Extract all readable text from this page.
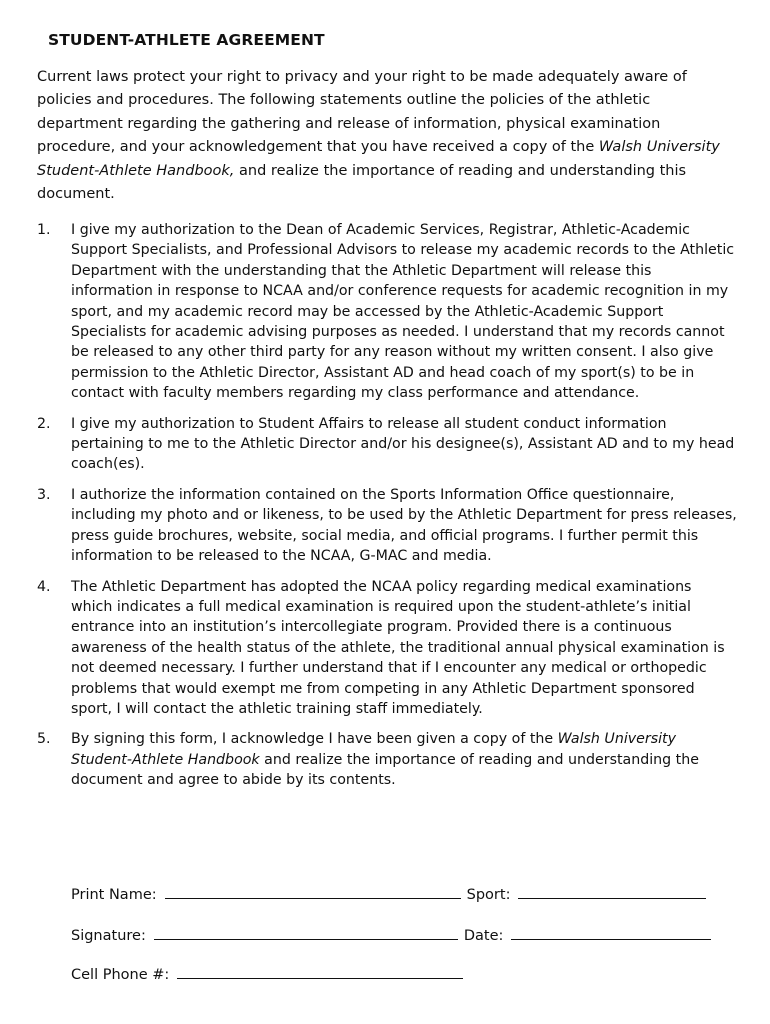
STUDENT-ATHLETE AGREEMENT
Current laws protect your right to privacy and your right to be made adequately aware of policies and procedures. The following statements outline the policies of the athletic department regarding the gathering and release of information, physical examination procedure, and your acknowledgement that you have received a copy of the Walsh University Student-Athlete Handbook, and realize the importance of reading and understanding this document.
1. I give my authorization to the Dean of Academic Services, Registrar, Athletic-Academic Support Specialists, and Professional Advisors to release my academic records to the Athletic Department with the understanding that the Athletic Department will release this information in response to NCAA and/or conference requests for academic recognition in my sport, and my academic record may be accessed by the Athletic-Academic Support Specialists for academic advising purposes as needed. I understand that my records cannot be released to any other third party for any reason without my written consent. I also give permission to the Athletic Director, Assistant AD and head coach of my sport(s) to be in contact with faculty members regarding my class performance and attendance.
2. I give my authorization to Student Affairs to release all student conduct information pertaining to me to the Athletic Director and/or his designee(s), Assistant AD and to my head coach(es).
3. I authorize the information contained on the Sports Information Office questionnaire, including my photo and or likeness, to be used by the Athletic Department for press releases, press guide brochures, website, social media, and official programs. I further permit this information to be released to the NCAA, G-MAC and media.
4. The Athletic Department has adopted the NCAA policy regarding medical examinations which indicates a full medical examination is required upon the student-athlete’s initial entrance into an institution’s intercollegiate program. Provided there is a continuous awareness of the health status of the athlete, the traditional annual physical examination is not deemed necessary. I further understand that if I encounter any medical or orthopedic problems that would exempt me from competing in any Athletic Department sponsored sport, I will contact the athletic training staff immediately.
5. By signing this form, I acknowledge I have been given a copy of the Walsh University Student-Athlete Handbook and realize the importance of reading and understanding the document and agree to abide by its contents.
Print Name:	Sport:
Signature:	Date:
Cell Phone #:
